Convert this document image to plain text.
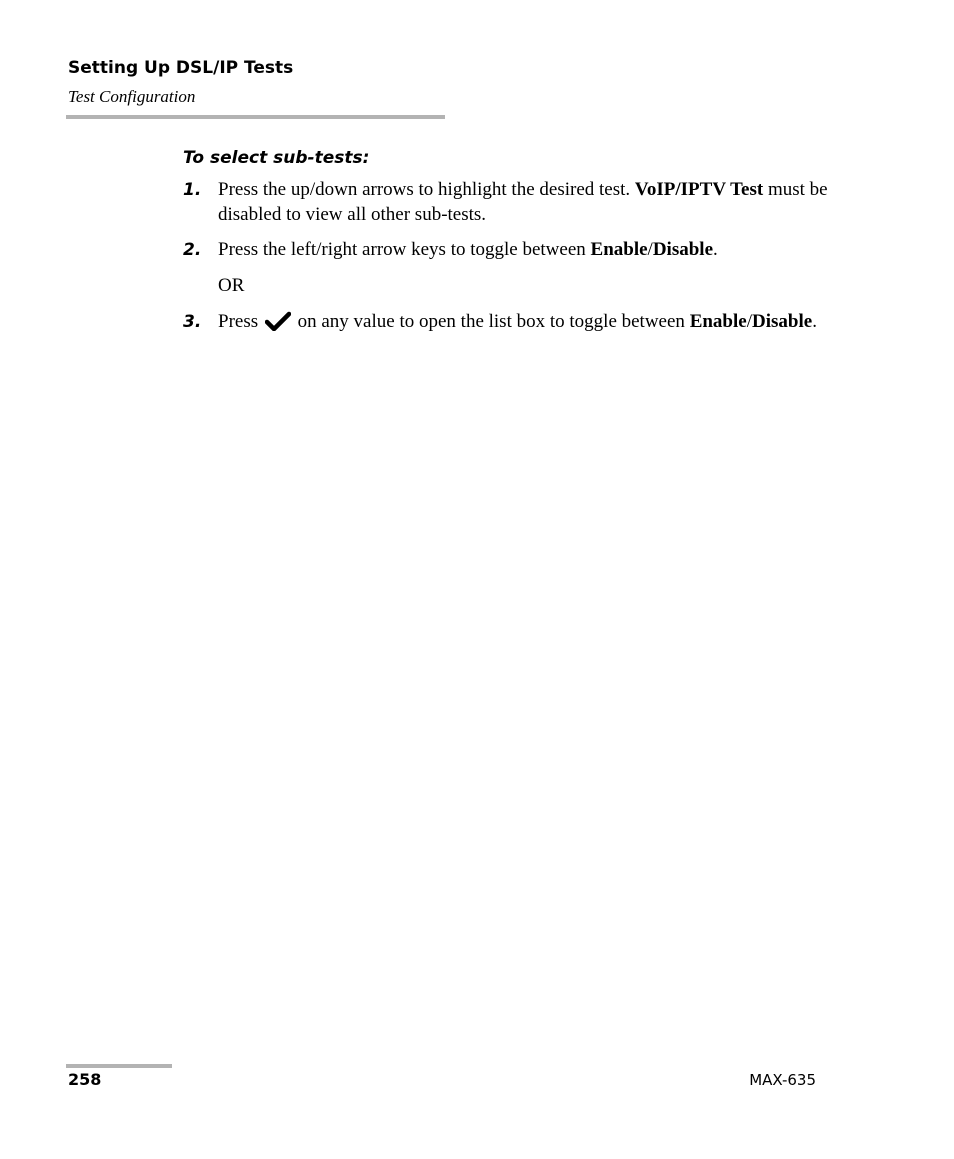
Setting Up DSL/IP Tests
Test Configuration
To select sub-tests:
1. Press the up/down arrows to highlight the desired test. VoIP/IPTV Test must be disabled to view all other sub-tests.
2. Press the left/right arrow keys to toggle between Enable/Disable.
OR
3. Press  on any value to open the list box to toggle between Enable/Disable.
258	MAX-635
